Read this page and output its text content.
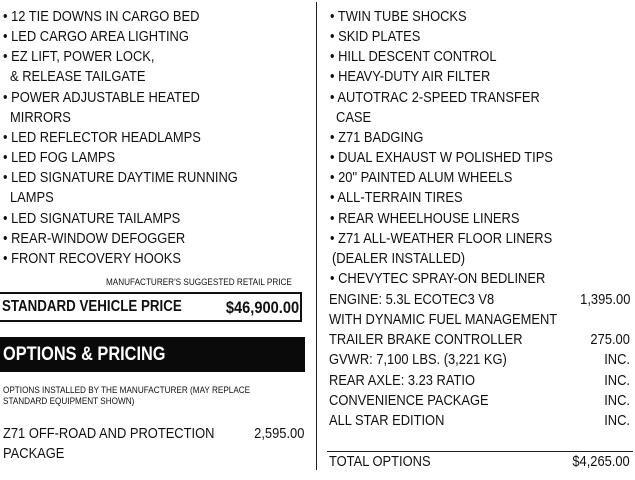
• 12 TIE DOWNS IN CARGO BED
• LED CARGO AREA LIGHTING
• EZ LIFT, POWER LOCK,
& RELEASE TAILGATE
• POWER ADJUSTABLE HEATED
MIRRORS
• LED REFLECTOR HEADLAMPS
• LED FOG LAMPS
• LED SIGNATURE DAYTIME RUNNING
LAMPS
• LED SIGNATURE TAILAMPS
• REAR-WINDOW DEFOGGER
• FRONT RECOVERY HOOKS
MANUFACTURER'S SUGGESTED RETAIL PRICE
STANDARD VEHICLE PRICE	$46,900.00
OPTIONS & PRICING
OPTIONS INSTALLED BY THE MANUFACTURER (MAY REPLACE
STANDARD EQUIPMENT SHOWN)
Z71 OFF-ROAD AND PROTECTION
PACKAGE
2,595.00
• TWIN TUBE SHOCKS
• SKID PLATES
• HILL DESCENT CONTROL
• HEAVY-DUTY AIR FILTER
• AUTOTRAC 2-SPEED TRANSFER
CASE
• Z71 BADGING
• DUAL EXHAUST W POLISHED TIPS
• 20" PAINTED ALUM WHEELS
• ALL-TERRAIN TIRES
• REAR WHEELHOUSE LINERS
• Z71 ALL-WEATHER FLOOR LINERS
(DEALER INSTALLED)
• CHEVYTEC SPRAY-ON BEDLINER
ENGINE: 5.3L ECOTEC3 V8	1,395.00
WITH DYNAMIC FUEL MANAGEMENT
TRAILER BRAKE CONTROLLER	275.00
GVWR: 7,100 LBS. (3,221 KG)	INC.
REAR AXLE: 3.23 RATIO	INC.
CONVENIENCE PACKAGE	INC.
ALL STAR EDITION	INC.
TOTAL OPTIONS	$4,265.00
